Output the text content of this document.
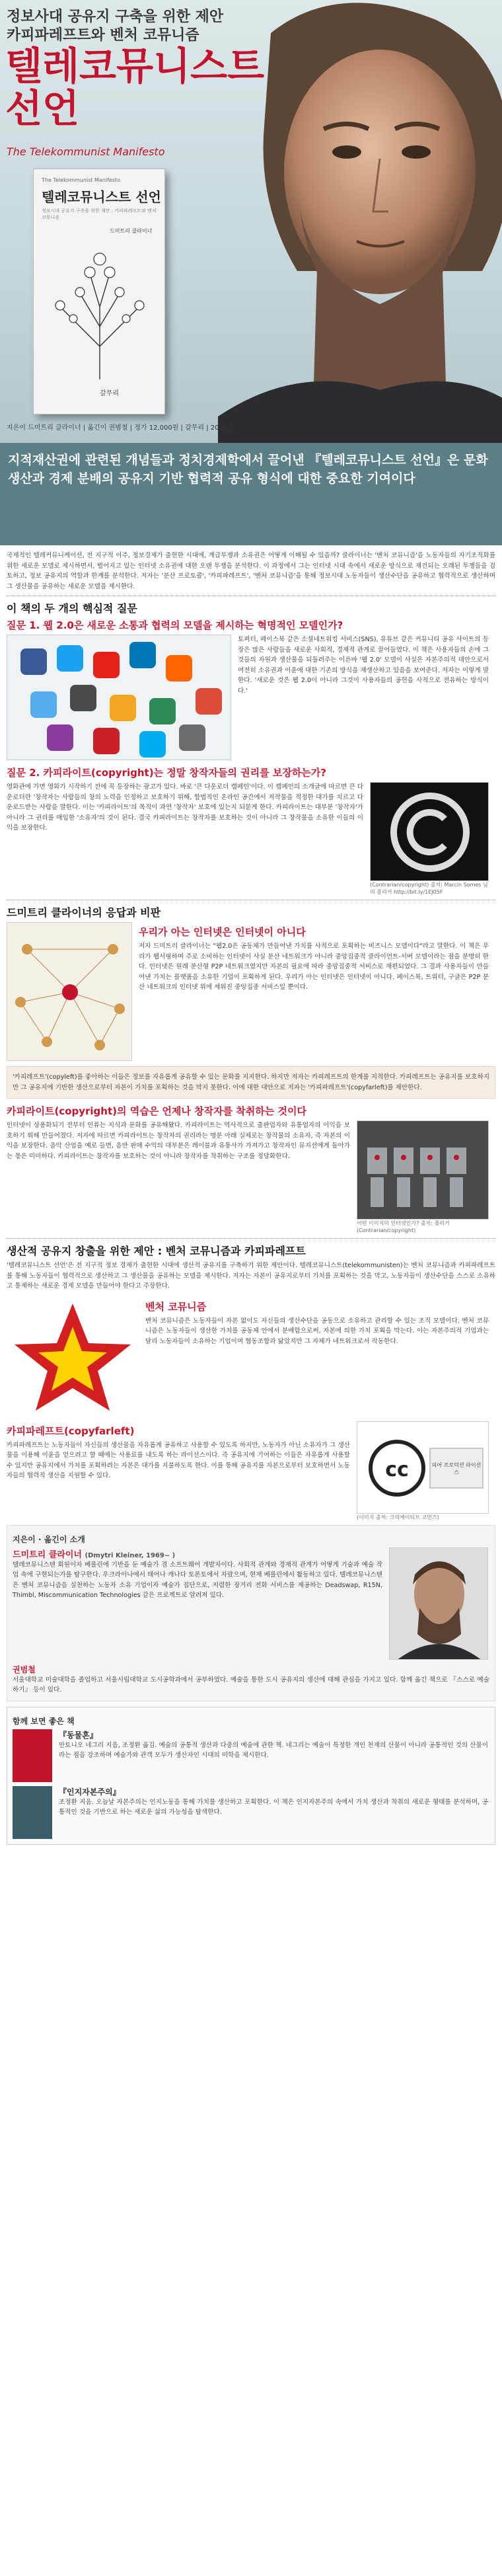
정보사대 공유지 구축을 위한 제안
카피파레프트와 벤처 코뮤니즘
텔레코뮤니스트
선언
The Telekommunist Manifesto
The Telekommunist Manifesto
텔레코뮤니스트 선언
정보시대 공유지 구축을 위한 제안 : 카피파레프트와 벤처 코뮤니즘
드미트리 클라이너
갈무리
지은이 드미트리 클라이너 | 옮긴이 권범철 | 정가 12,000원 | 갈무리 | 2014.4

지적재산권에 관련된 개념들과 정치경제학에서 끌어낸 『텔레코뮤니스트 선언』은 문화 생산과 경제 분배의 공유지 기반 협력적 공유 형식에 대한 중요한 기여이다

국제적인 텔레커뮤니케이션, 전 지구적 이주, 정보경제가 출현한 시대에, 계급투쟁과 소유권은 어떻게 이해될 수 있을까? 클라이너는 '벤처 코뮤니즘'을 노동자들의 자기조직화를 위한 새로운 모델로 제시하면서, 벌어지고 있는 인터넷 소유권에 대한 오랜 투쟁을 분석한다. 이 과정에서 그는 인터넷 시대 속에서 새로운 방식으로 재건되는 오래된 투쟁들을 검토하고, 정보 공유지의 역할과 한계를 분석한다. 저자는 '분산 프로토콜', '카피파레프트', '벤처 코뮤니즘'을 통해 정보시대 노동자들이 생산수단을 공유하고 협력적으로 생산하며 그 생산물을 공유하는 새로운 모델을 제시한다.

이 책의 두 개의 핵심적 질문
질문 1. 웹 2.0은 새로운 소통과 협력의 모델을 제시하는 혁명적인 모델인가?

토퍼터, 페이스북 같은 소셜네트워킹 서비스(SNS), 유튜브 같은 커뮤니티 공유 사이트의 등장은 많은 사람들을 새로운 사회적, 경제적 관계로 끌어들였다. 이 책은 사용자들의 손에 그것들의 자원과 생산물을 되돌려주는 이른바 '웹 2.0' 모델이 사실은 자본주의적 대안으로서 여전히 소유권과 이윤에 대한 기존의 방식을 재생산하고 있음을 보여준다. 저자는 이렇게 말한다. '새로운 것은 웹 2.0이 아니라 그것이 사용자들의 공헌을 사적으로 전유하는 방식이다.'

질문 2. 카피라이트(copyright)는 정말 창작자들의 권리를 보장하는가?

영화관에 가면 영화가 시작하기 전에 꼭 등장하는 광고가 있다. 바로 '큰 다운로더 캠페인'이다. 이 캠페인의 소개글에 따르면 큰 다운로더란 '창작자는 사람들의 창의 노력을 인정하고 보호하기 위해, 합법적인 온라인 공간에서 저작물을 적정한 대가를 치르고 다운로드받는 사람을 말한다. 이는 '카피라이트'의 목적이 과연 '창작자' 보호에 있는지 되묻게 한다. 카피라이트는 대부분 '창작자'가 아니라 그 권리를 매입한 '소유자'의 것이 된다. 결국 카피라이트는 창작자를 보호하는 것이 아니라 그 창작물을 소유한 이들의 이익을 보장한다.

(Contrarian/copyright) 출처: Marcin Somes 님의 플리커 http://bit.ly/1EJ05F
드미트리 클라이너의 응답과 비판
우리가 아는 인터넷은 인터넷이 아니다

저자 드미트리 클라이너는 "웹2.0은 공동체가 만들어낸 가치를 사적으로 포획하는 비즈니스 모델이다"라고 말한다. 이 책은 우리가 웹서핑하며 주로 소비하는 인터넷이 사실 분산 네트워크가 아니라 중앙집중적 클라이언트-서버 모델이라는 점을 분명히 한다. 인터넷은 원래 분산형 P2P 네트워크였지만 자본의 필요에 따라 중앙집중적 서비스로 재편되었다. 그 결과 사용자들이 만들어낸 가치는 플랫폼을 소유한 기업이 포획하게 된다. 우리가 아는 인터넷은 인터넷이 아니다. 페이스북, 트위터, 구글은 P2P 분산 네트워크의 인터넷 위에 세워진 중앙집중 서비스일 뿐이다.

'카피레프트'(copyleft)를 좋아하는 이들은 정보를 자유롭게 공유할 수 있는 문화를 지지한다. 하지만 저자는 카피레프트의 한계를 지적한다. 카피레프트는 공유지를 보호하지만 그 공유지에 기반한 생산으로부터 자본이 가치를 포획하는 것을 막지 못한다. 이에 대한 대안으로 저자는 '카피파레프트'(copyfarleft)를 제안한다.

카피라이트(copyright)의 역습은 언제나 창작자를 착취하는 것이다

인터넷이 상용화되기 전부터 인류는 지식과 문화를 공유해왔다. 카피라이트는 역사적으로 출판업자와 유통업자의 이익을 보호하기 위해 만들어졌다. 저자에 따르면 카피라이트는 창작자의 권리라는 명분 아래 실제로는 창작물의 소유자, 즉 자본의 이익을 보장한다. 음악 산업을 예로 들면, 음반 판매 수익의 대부분은 레이블과 유통사가 가져가고 창작자인 뮤지션에게 돌아가는 몫은 미미하다. 카피라이트는 창작자를 보호하는 것이 아니라 창작자를 착취하는 구조를 정당화한다.

어떤 이미지의 인터넷인가? 출처: 플리커 (Contrarian/copyright)
생산적 공유지 창출을 위한 제안 : 벤처 코뮤니즘과 카피파레프트

'텔레코뮤니스트 선언'은 전 지구적 정보 경제가 출현한 시대에 생산적 공유지를 구축하기 위한 제안이다. 텔레코뮤니스트(telekommunisten)는 벤처 코뮤니즘과 카피파레프트를 통해 노동자들이 협력적으로 생산하고 그 생산물을 공유하는 모델을 제시한다. 저자는 자본이 공유지로부터 가치를 포획하는 것을 막고, 노동자들이 생산수단을 스스로 소유하고 통제하는 새로운 경제 모델을 만들어야 한다고 주장한다.

벤처 코뮤니즘

벤처 코뮤니즘은 노동자들이 자본 없이도 자신들의 생산수단을 공동으로 소유하고 관리할 수 있는 조직 모델이다. 벤처 코뮤니즘은 노동자들이 생산한 가치를 공동체 안에서 분배함으로써, 자본에 의한 가치 포획을 막는다. 이는 자본주의적 기업과는 달리 노동자들이 소유하는 기업이며 협동조합과 닮았지만 그 자체가 네트워크로서 작동한다.

카피파레프트(copyfarleft)

카피파레프트는 노동자들이 자신들의 생산물을 자유롭게 공유하고 사용할 수 있도록 하지만, 노동자가 아닌 소유자가 그 생산물을 이용해 이윤을 얻으려고 할 때에는 사용료를 내도록 하는 라이선스이다. 즉 공유지에 기여하는 이들은 자유롭게 사용할 수 있지만 공유지에서 가치를 포획하려는 자본은 대가를 지불하도록 한다. 이를 통해 공유지를 자본으로부터 보호하면서 노동자들의 협력적 생산을 지원할 수 있다.	cc	피어 프로덕션 라이선스
(이미지 출처: 크리에이티브 코먼즈)
지은이 · 옮긴이 소개
드미트리 클라이너 (Dmytri Kleiner, 1969~ )

텔레코뮤니스텐 회원이자 베를린에 기반을 둔 예술가 겸 소프트웨어 개발자이다. 사회적 관계와 경제적 관계가 어떻게 기술과 예술 작업 속에 구현되는가를 탐구한다. 우크라이나에서 태어나 캐나다 토론토에서 자랐으며, 현재 베를린에서 활동하고 있다. 텔레코뮤니스텐은 벤처 코뮤니즘을 실천하는 노동자 소유 기업이자 예술가 집단으로, 저렴한 장거리 전화 서비스를 제공하는 Deadswap, R15N, Thimbl, Miscommunication Technologies 같은 프로젝트로 알려져 있다.

권범철

서울대학교 미술대학을 졸업하고 서울시립대학교 도시공학과에서 공부하였다. 예술을 통한 도시 공유지의 생산에 대해 관심을 가지고 있다. 함께 옮긴 책으로 『스스로 예술하기』 등이 있다.

함께 보면 좋은 책
『동물혼』

안토니오 네그리 지음, 조정환 옮김. 예술의 공통적 생산과 다중의 예술에 관한 책. 네그리는 예술이 특정한 개인 천재의 산물이 아니라 공통적인 것의 산물이라는 점을 강조하며 예술가와 관객 모두가 생산자인 시대의 미학을 제시한다.

『인지자본주의』

조정환 지음. 오늘날 자본주의는 인지노동을 통해 가치를 생산하고 포획한다. 이 책은 인지자본주의 속에서 가치 생산과 착취의 새로운 형태를 분석하며, 공통적인 것을 기반으로 하는 새로운 삶의 가능성을 탐색한다.
